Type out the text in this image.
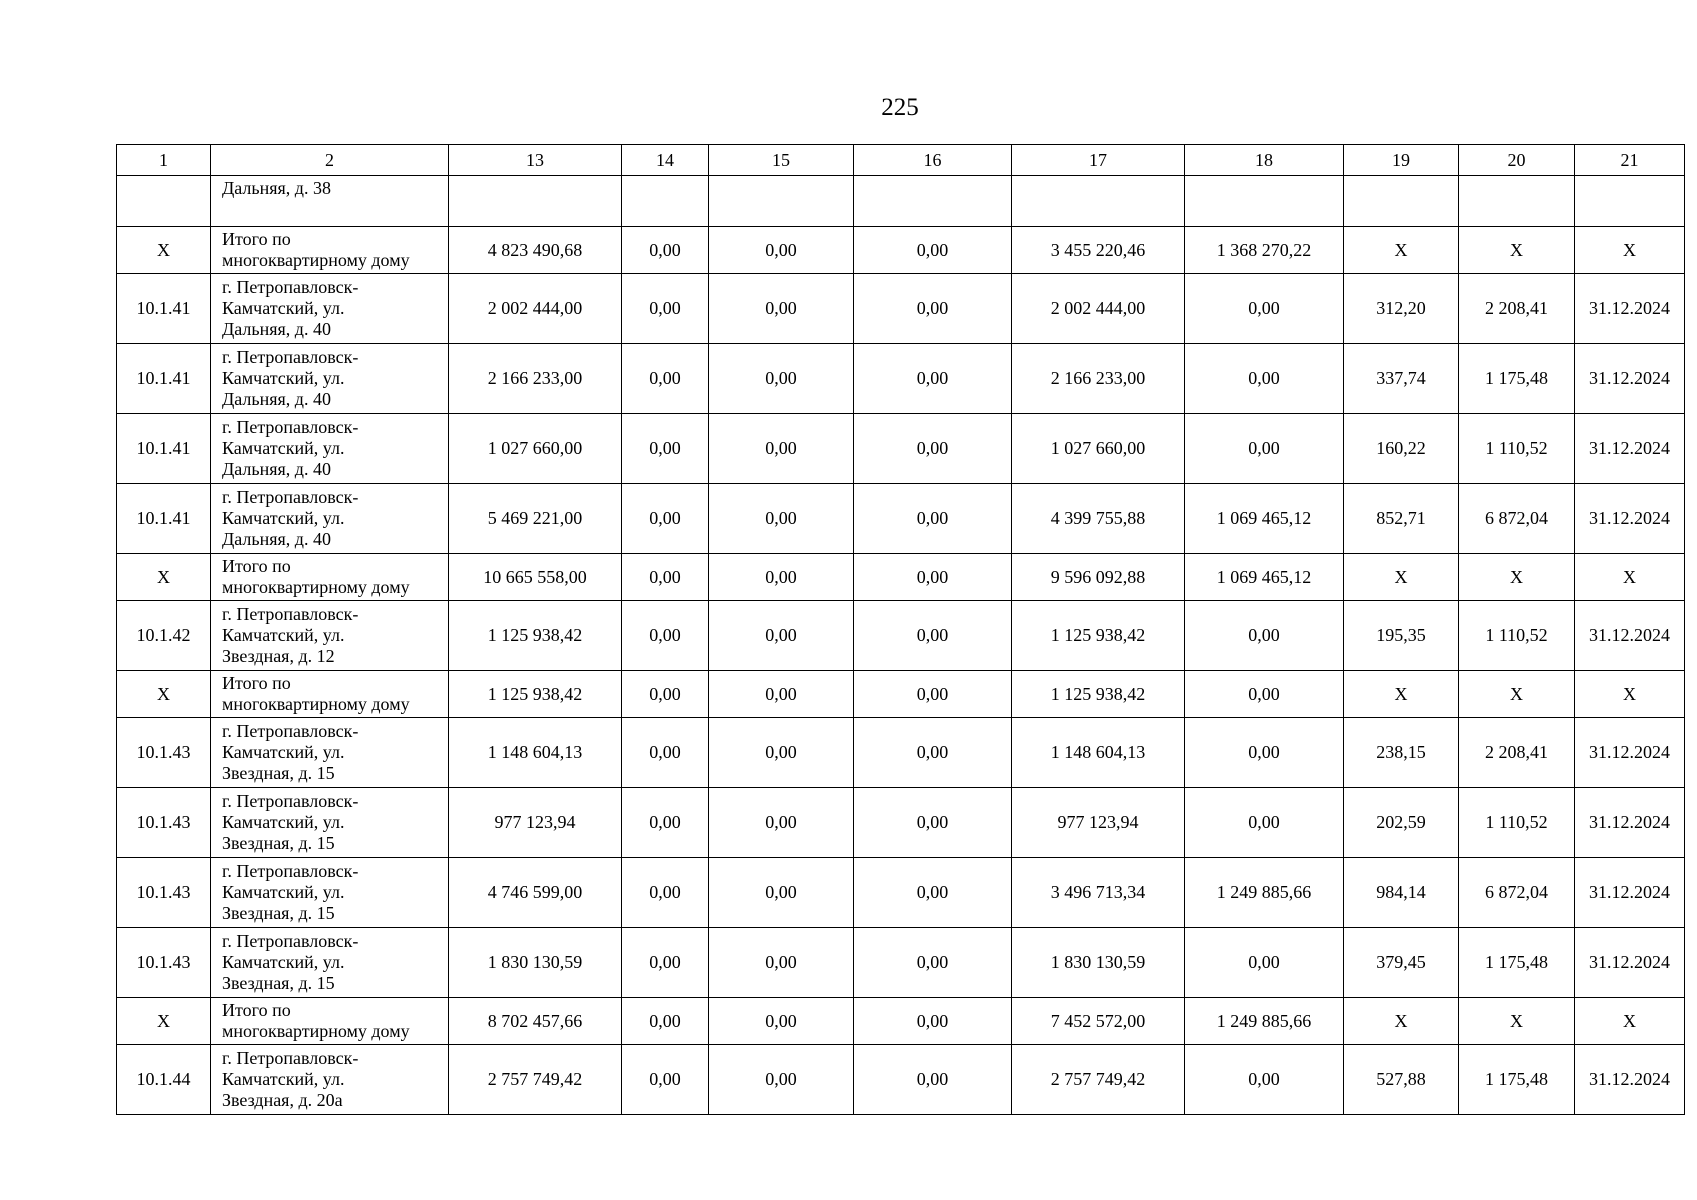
225
1	2	13	14	15	16	17	18	19	20	21

	Дальняя, д. 38									

X	Итого по
многоквартирному дому	4 823 490,68	0,00	0,00	0,00	3 455 220,46	1 368 270,22	X	X	X
10.1.41	г. Петропавловск-
Камчатский, ул.
Дальняя, д. 40	2 002 444,00	0,00	0,00	0,00	2 002 444,00	0,00	312,20	2 208,41	31.12.2024
10.1.41	г. Петропавловск-
Камчатский, ул.
Дальняя, д. 40	2 166 233,00	0,00	0,00	0,00	2 166 233,00	0,00	337,74	1 175,48	31.12.2024
10.1.41	г. Петропавловск-
Камчатский, ул.
Дальняя, д. 40	1 027 660,00	0,00	0,00	0,00	1 027 660,00	0,00	160,22	1 110,52	31.12.2024
10.1.41	г. Петропавловск-
Камчатский, ул.
Дальняя, д. 40	5 469 221,00	0,00	0,00	0,00	4 399 755,88	1 069 465,12	852,71	6 872,04	31.12.2024
X	Итого по
многоквартирному дому	10 665 558,00	0,00	0,00	0,00	9 596 092,88	1 069 465,12	X	X	X
10.1.42	г. Петропавловск-
Камчатский, ул.
Звездная, д. 12	1 125 938,42	0,00	0,00	0,00	1 125 938,42	0,00	195,35	1 110,52	31.12.2024
X	Итого по
многоквартирному дому	1 125 938,42	0,00	0,00	0,00	1 125 938,42	0,00	X	X	X
10.1.43	г. Петропавловск-
Камчатский, ул.
Звездная, д. 15	1 148 604,13	0,00	0,00	0,00	1 148 604,13	0,00	238,15	2 208,41	31.12.2024
10.1.43	г. Петропавловск-
Камчатский, ул.
Звездная, д. 15	977 123,94	0,00	0,00	0,00	977 123,94	0,00	202,59	1 110,52	31.12.2024
10.1.43	г. Петропавловск-
Камчатский, ул.
Звездная, д. 15	4 746 599,00	0,00	0,00	0,00	3 496 713,34	1 249 885,66	984,14	6 872,04	31.12.2024
10.1.43	г. Петропавловск-
Камчатский, ул.
Звездная, д. 15	1 830 130,59	0,00	0,00	0,00	1 830 130,59	0,00	379,45	1 175,48	31.12.2024
X	Итого по
многоквартирному дому	8 702 457,66	0,00	0,00	0,00	7 452 572,00	1 249 885,66	X	X	X
10.1.44	г. Петропавловск-
Камчатский, ул.
Звездная, д. 20а	2 757 749,42	0,00	0,00	0,00	2 757 749,42	0,00	527,88	1 175,48	31.12.2024
